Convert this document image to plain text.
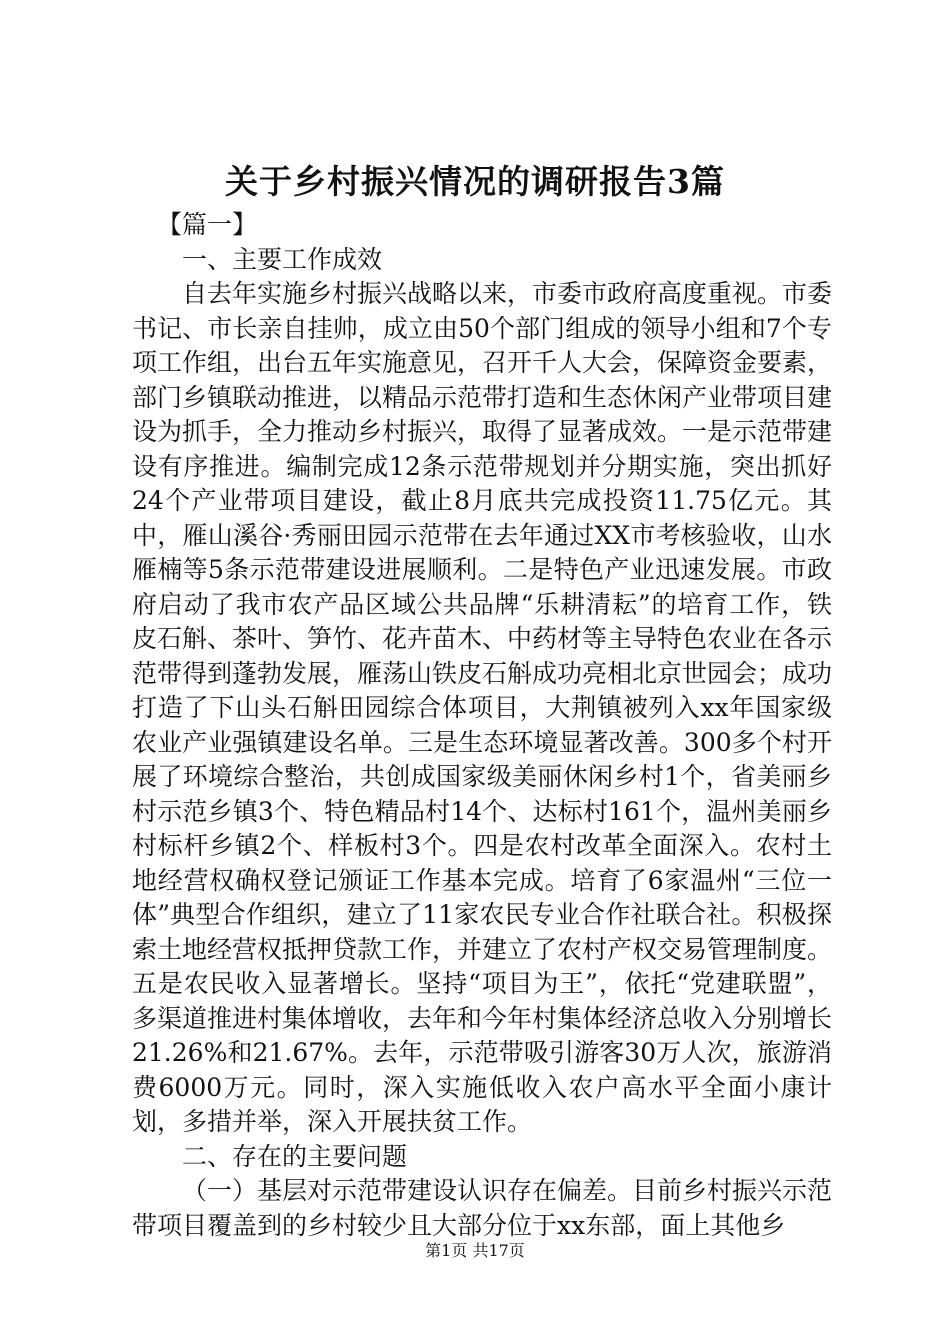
关于乡村振兴情况的调研报告3篇

【篇一】

一、主要工作成效

自去年实施乡村振兴战略以来，市委市政府高度重视。市委书记、市长亲自挂帅，成立由50个部门组成的领导小组和7个专项工作组，出台五年实施意见，召开千人大会，保障资金要素，部门乡镇联动推进，以精品示范带打造和生态休闲产业带项目建设为抓手，全力推动乡村振兴，取得了显著成效。一是示范带建设有序推进。编制完成12条示范带规划并分期实施，突出抓好24个产业带项目建设，截止8月底共完成投资11.75亿元。其中，雁山溪谷·秀丽田园示范带在去年通过XX市考核验收，山水雁楠等5条示范带建设进展顺利。二是特色产业迅速发展。市政府启动了我市农产品区域公共品牌“乐耕清耘”的培育工作，铁皮石斛、茶叶、笋竹、花卉苗木、中药材等主导特色农业在各示范带得到蓬勃发展，雁荡山铁皮石斛成功亮相北京世园会；成功打造了下山头石斛田园综合体项目，大荆镇被列入xx年国家级农业产业强镇建设名单。三是生态环境显著改善。300多个村开展了环境综合整治，共创成国家级美丽休闲乡村1个，省美丽乡村示范乡镇3个、特色精品村14个、达标村161个，温州美丽乡村标杆乡镇2个、样板村3个。四是农村改革全面深入。农村土地经营权确权登记颁证工作基本完成。培育了6家温州“三位一体”典型合作组织，建立了11家农民专业合作社联合社。积极探索土地经营权抵押贷款工作，并建立了农村产权交易管理制度。五是农民收入显著增长。坚持“项目为王”，依托“党建联盟”，多渠道推进村集体增收，去年和今年村集体经济总收入分别增长21.26%和21.67%。去年，示范带吸引游客30万人次，旅游消费6000万元。同时，深入实施低收入农户高水平全面小康计划，多措并举，深入开展扶贫工作。

二、存在的主要问题

（一）基层对示范带建设认识存在偏差。目前乡村振兴示范带项目覆盖到的乡村较少且大部分位于xx东部，面上其他乡

第1页 共17页
